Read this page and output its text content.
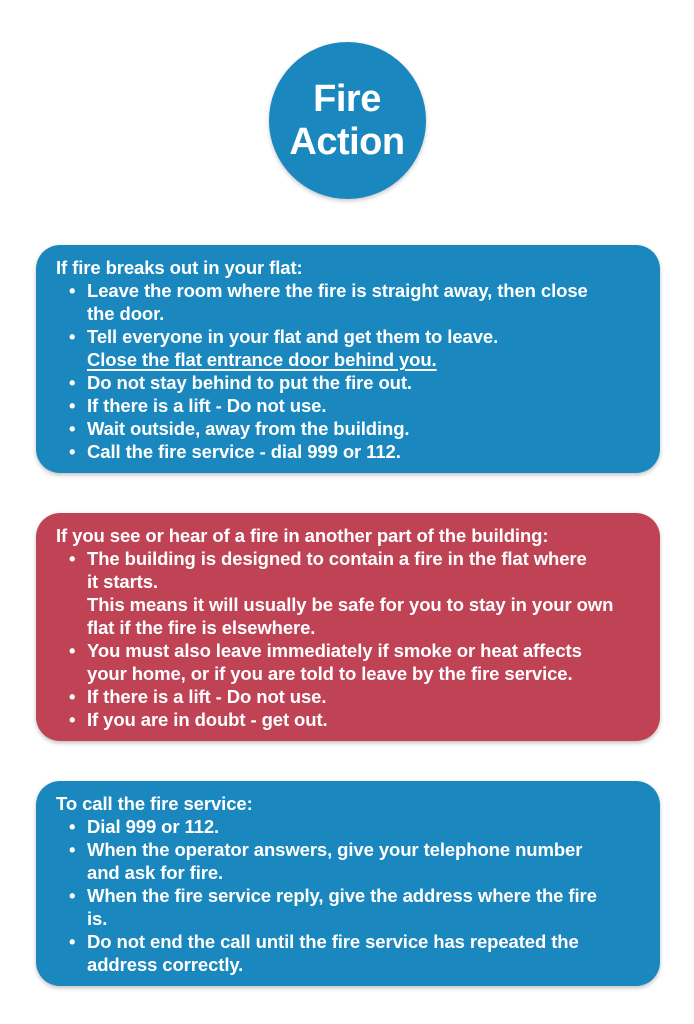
Fire
Action
If fire breaks out in your flat:
• Leave the room where the fire is straight away, then close
the door.
• Tell everyone in your flat and get them to leave.
Close the flat entrance door behind you.
• Do not stay behind to put the fire out.
• If there is a lift - Do not use.
• Wait outside, away from the building.
• Call the fire service - dial 999 or 112.
If you see or hear of a fire in another part of the building:
• The building is designed to contain a fire in the flat where
it starts.
This means it will usually be safe for you to stay in your own
flat if the fire is elsewhere.
• You must also leave immediately if smoke or heat affects
your home, or if you are told to leave by the fire service.
• If there is a lift - Do not use.
• If you are in doubt - get out.
To call the fire service:
• Dial 999 or 112.
• When the operator answers, give your telephone number
and ask for fire.
• When the fire service reply, give the address where the fire
is.
• Do not end the call until the fire service has repeated the
address correctly.
